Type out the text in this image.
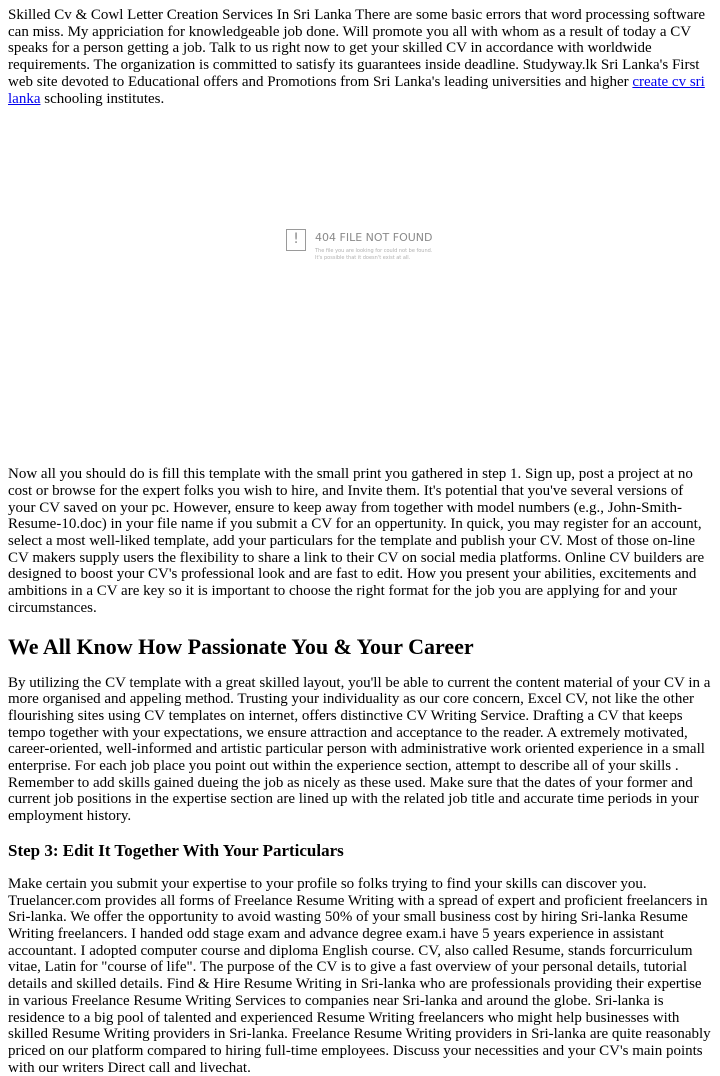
Skilled Cv & Cowl Letter Creation Services In Sri Lanka There are some basic errors that word processing software can miss. My appriciation for knowledgeable job done. Will promote you all with whom as a result of today a CV speaks for a person getting a job. Talk to us right now to get your skilled CV in accordance with worldwide requirements. The organization is committed to satisfy its guarantees inside deadline. Studyway.lk Sri Lanka's First web site devoted to Educational offers and Promotions from Sri Lanka's leading universities and higher create cv sri lanka schooling institutes.

!	404 FILE NOT FOUND
The file you are looking for could not be found.
It's possible that it doesn't exist at all.

Now all you should do is fill this template with the small print you gathered in step 1. Sign up, post a project at no cost or browse for the expert folks you wish to hire, and Invite them. It's potential that you've several versions of your CV saved on your pc. However, ensure to keep away from together with model numbers (e.g., John-Smith-Resume-10.doc) in your file name if you submit a CV for an oppertunity. In quick, you may register for an account, select a most well-liked template, add your particulars for the template and publish your CV. Most of those on-line CV makers supply users the flexibility to share a link to their CV on social media platforms. Online CV builders are designed to boost your CV's professional look and are fast to edit. How you present your abilities, excitements and ambitions in a CV are key so it is important to choose the right format for the job you are applying for and your circumstances.

We All Know How Passionate You & Your Career

By utilizing the CV template with a great skilled layout, you'll be able to current the content material of your CV in a more organised and appeling method. Trusting your individuality as our core concern, Excel CV, not like the other flourishing sites using CV templates on internet, offers distinctive CV Writing Service. Drafting a CV that keeps tempo together with your expectations, we ensure attraction and acceptance to the reader. A extremely motivated, career-oriented, well-informed and artistic particular person with administrative work oriented experience in a small enterprise. For each job place you point out within the experience section, attempt to describe all of your skills . Remember to add skills gained dueing the job as nicely as these used. Make sure that the dates of your former and current job positions in the expertise section are lined up with the related job title and accurate time periods in your employment history.

Step 3: Edit It Together With Your Particulars

Make certain you submit your expertise to your profile so folks trying to find your skills can discover you. Truelancer.com provides all forms of Freelance Resume Writing with a spread of expert and proficient freelancers in Sri-lanka. We offer the opportunity to avoid wasting 50% of your small business cost by hiring Sri-lanka Resume Writing freelancers. I handed odd stage exam and advance degree exam.i have 5 years experience in assistant accountant. I adopted computer course and diploma English course. CV, also called Resume, stands forcurriculum vitae, Latin for "course of life". The purpose of the CV is to give a fast overview of your personal details, tutorial details and skilled details. Find & Hire Resume Writing in Sri-lanka who are professionals providing their expertise in various Freelance Resume Writing Services to companies near Sri-lanka and around the globe. Sri-lanka is residence to a big pool of talented and experienced Resume Writing freelancers who might help businesses with skilled Resume Writing providers in Sri-lanka. Freelance Resume Writing providers in Sri-lanka are quite reasonably priced on our platform compared to hiring full-time employees. Discuss your necessities and your CV's main points with our writers Direct call and livechat.
